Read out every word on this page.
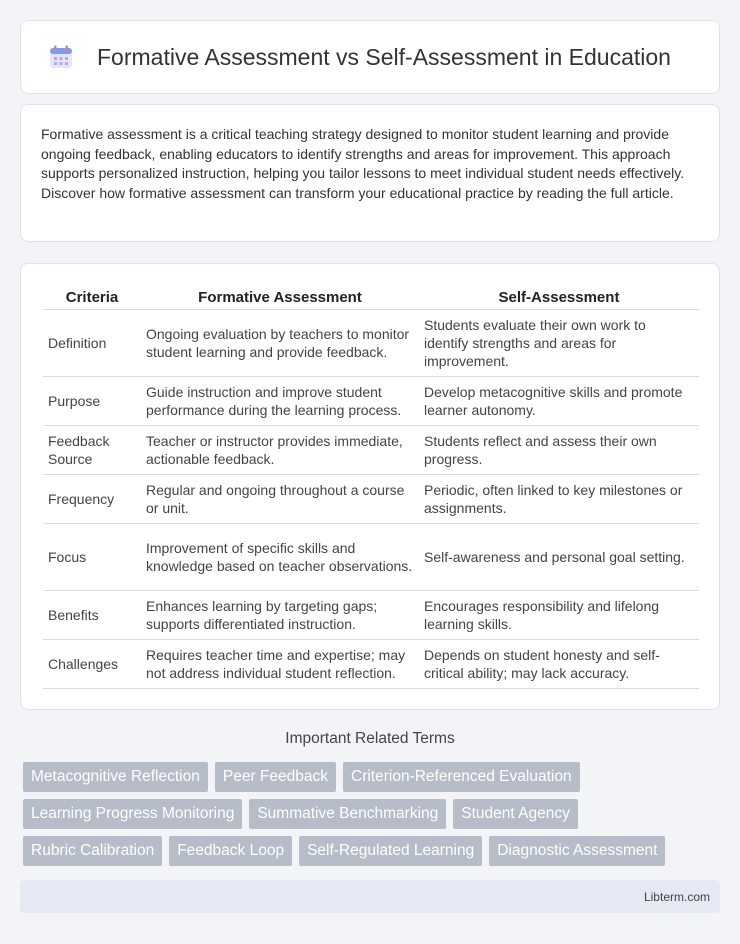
Formative Assessment vs Self-Assessment in Education

Formative assessment is a critical teaching strategy designed to monitor student learning and provide ongoing feedback, enabling educators to identify strengths and areas for improvement. This approach supports personalized instruction, helping you tailor lessons to meet individual student needs effectively. Discover how formative assessment can transform your educational practice by reading the full article.

Criteria	Formative Assessment	Self-Assessment
Definition	Ongoing evaluation by teachers to monitor student learning and provide feedback.	Students evaluate their own work to identify strengths and areas for improvement.
Purpose	Guide instruction and improve student performance during the learning process.	Develop metacognitive skills and promote learner autonomy.
Feedback Source	Teacher or instructor provides immediate, actionable feedback.	Students reflect and assess their own progress.
Frequency	Regular and ongoing throughout a course or unit.	Periodic, often linked to key milestones or assignments.
Focus	Improvement of specific skills and knowledge based on teacher observations.	Self-awareness and personal goal setting.
Benefits	Enhances learning by targeting gaps; supports differentiated instruction.	Encourages responsibility and lifelong learning skills.
Challenges	Requires teacher time and expertise; may not address individual student reflection.	Depends on student honesty and self-critical ability; may lack accuracy.
Important Related Terms
Metacognitive Reflection	Peer Feedback	Criterion-Referenced Evaluation
Learning Progress Monitoring	Summative Benchmarking	Student Agency
Rubric Calibration	Feedback Loop	Self-Regulated Learning	Diagnostic Assessment
Libterm.com
